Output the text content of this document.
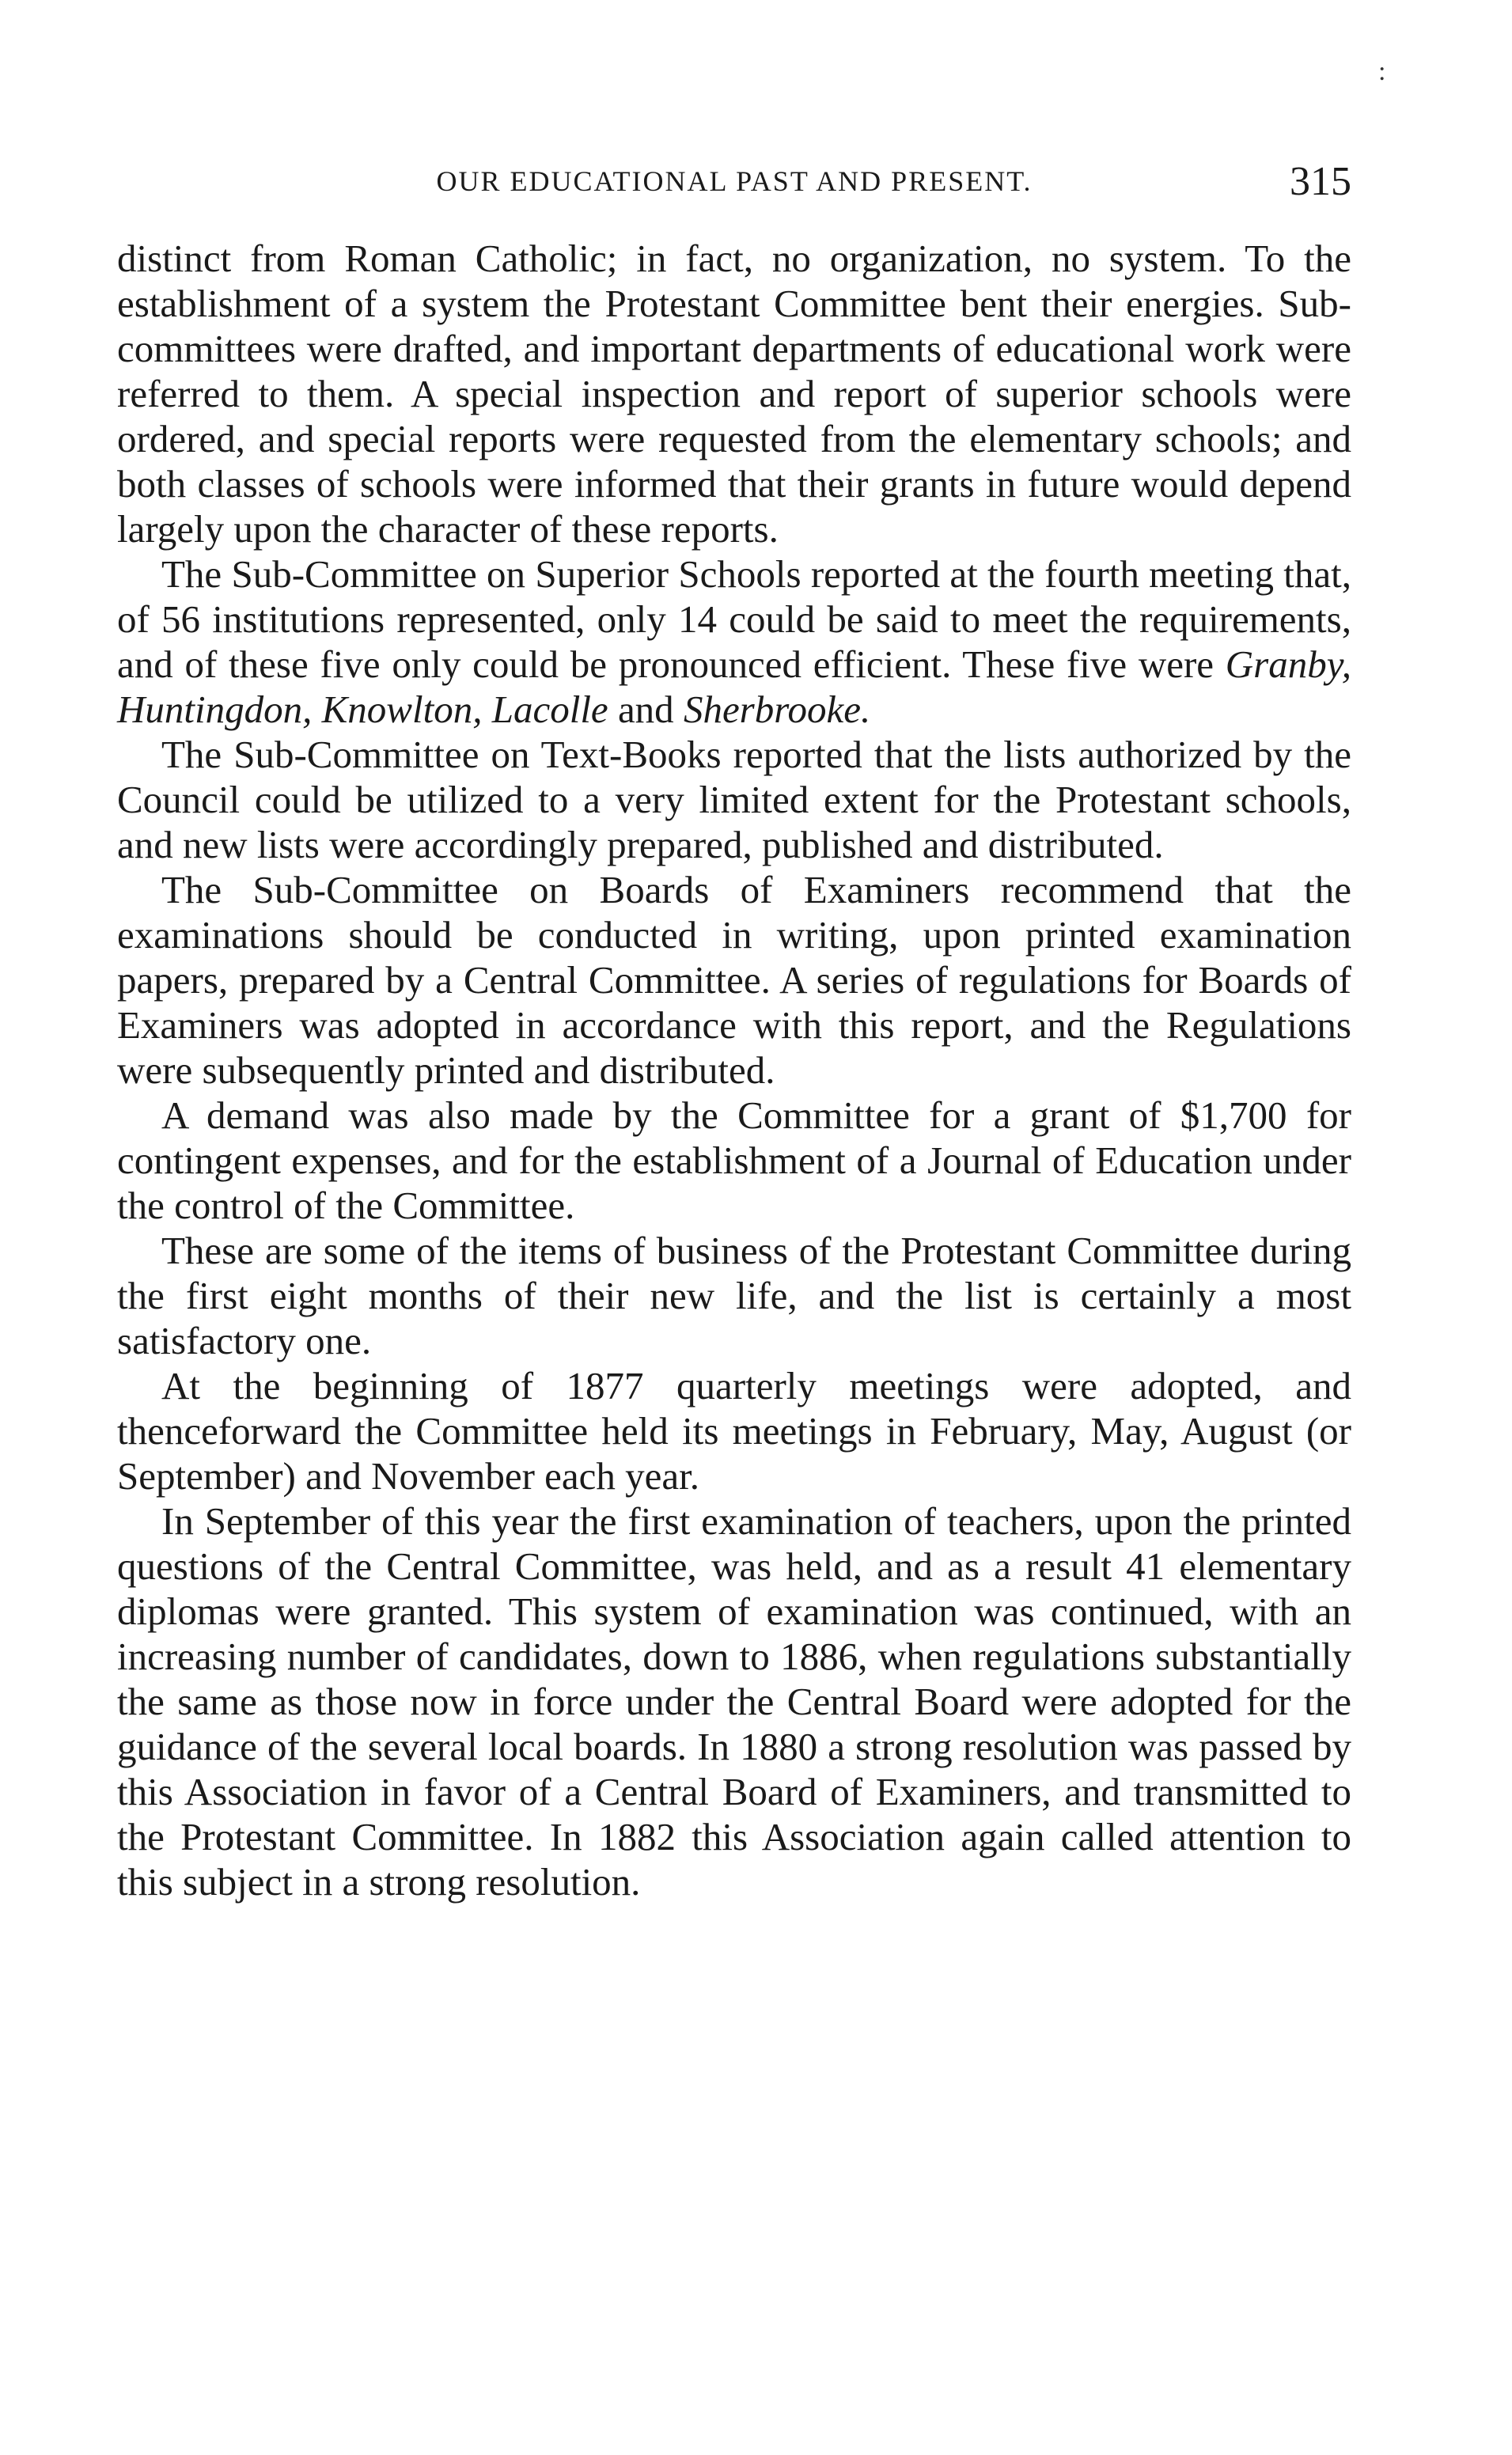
:
OUR EDUCATIONAL PAST AND PRESENT.	315

distinct from Roman Catholic; in fact, no organization, no system. To the establishment of a system the Protestant Committee bent their energies. Sub-committees were drafted, and important departments of educational work were referred to them. A special inspection and report of superior schools were ordered, and special reports were requested from the elementary schools; and both classes of schools were informed that their grants in future would depend largely upon the character of these reports.

The Sub-Committee on Superior Schools reported at the fourth meeting that, of 56 institutions represented, only 14 could be said to meet the requirements, and of these five only could be pronounced efficient. These five were Granby, Huntingdon, Knowlton, Lacolle and Sherbrooke.

The Sub-Committee on Text-Books reported that the lists authorized by the Council could be utilized to a very limited extent for the Protestant schools, and new lists were accordingly prepared, published and distributed.

The Sub-Committee on Boards of Examiners recommend that the examinations should be conducted in writing, upon printed examination papers, prepared by a Central Committee. A series of regulations for Boards of Examiners was adopted in accordance with this report, and the Regulations were subsequently printed and distributed.

A demand was also made by the Committee for a grant of $1,700 for contingent expenses, and for the establishment of a Journal of Education under the control of the Committee.

These are some of the items of business of the Protestant Committee during the first eight months of their new life, and the list is certainly a most satisfactory one.

At the beginning of 1877 quarterly meetings were adopted, and thenceforward the Committee held its meetings in February, May, August (or September) and November each year.

In September of this year the first examination of teachers, upon the printed questions of the Central Committee, was held, and as a result 41 elementary diplomas were granted. This system of examination was continued, with an increasing number of candidates, down to 1886, when regulations substantially the same as those now in force under the Central Board were adopted for the guidance of the several local boards. In 1880 a strong resolution was passed by this Association in favor of a Central Board of Examiners, and transmitted to the Protestant Committee. In 1882 this Association again called attention to this subject in a strong resolution.
